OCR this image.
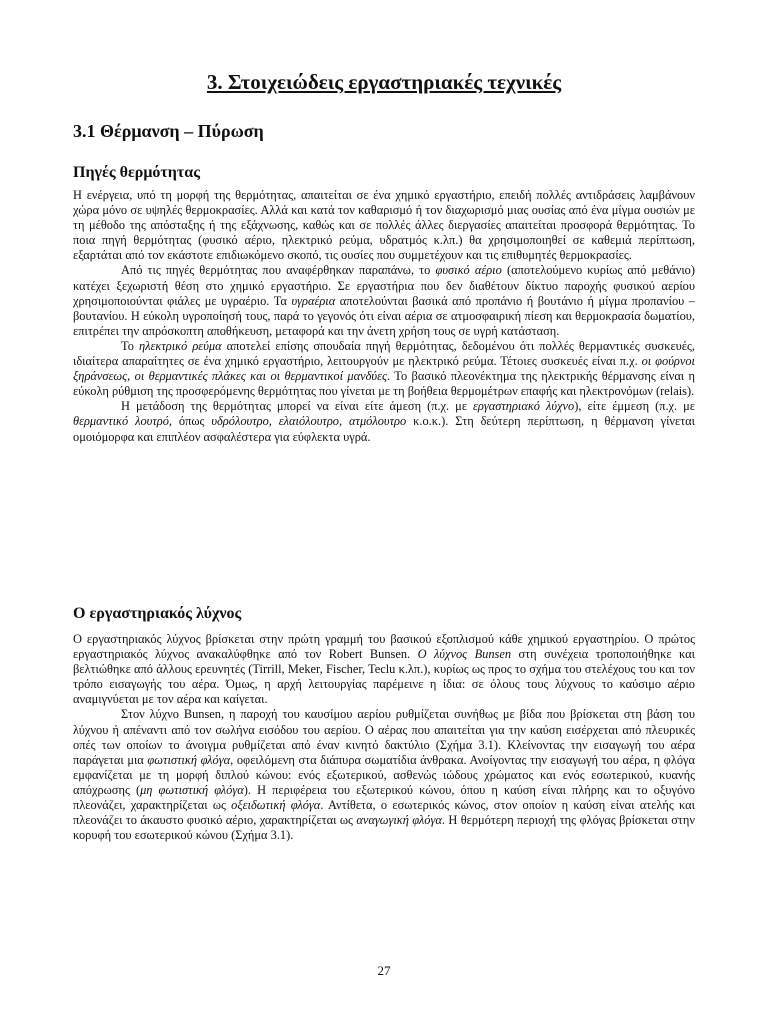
3. Στοιχειώδεις εργαστηριακές τεχνικές
3.1 Θέρμανση – Πύρωση
Πηγές θερμότητας

Η ενέργεια, υπό τη μορφή της θερμότητας, απαιτείται σε ένα χημικό εργαστήριο, επειδή πολλές αντιδράσεις λαμβάνουν χώρα μόνο σε υψηλές θερμοκρασίες. Αλλά και κατά τον καθαρισμό ή τον διαχωρισμό μιας ουσίας από ένα μίγμα ουσιών με τη μέθοδο της απόσταξης ή της εξάχνωσης, καθώς και σε πολλές άλλες διεργασίες απαιτείται προσφορά θερμότητας. Το ποια πηγή θερμότητας (φυσικό αέριο, ηλεκτρικό ρεύμα, υδρατμός κ.λπ.) θα χρησιμοποιηθεί σε καθεμιά περίπτωση, εξαρτάται από τον εκάστοτε επιδιωκόμενο σκοπό, τις ουσίες που συμμετέχουν και τις επιθυμητές θερμοκρασίες.

Από τις πηγές θερμότητας που αναφέρθηκαν παραπάνω, το φυσικό αέριο (αποτελούμενο κυρίως από μεθάνιο) κατέχει ξεχωριστή θέση στο χημικό εργαστήριο. Σε εργαστήρια που δεν διαθέτουν δίκτυο παροχής φυσικού αερίου χρησιμοποιούνται φιάλες με υγραέριο. Τα υγραέρια αποτελούνται βασικά από προπάνιο ή βουτάνιο ή μίγμα προπανίου – βουτανίου. Η εύκολη υγροποίησή τους, παρά το γεγονός ότι είναι αέρια σε ατμοσφαιρική πίεση και θερμοκρασία δωματίου, επιτρέπει την απρόσκοπτη αποθήκευση, μεταφορά και την άνετη χρήση τους σε υγρή κατάσταση.

Το ηλεκτρικό ρεύμα αποτελεί επίσης σπουδαία πηγή θερμότητας, δεδομένου ότι πολλές θερμαντικές συσκευές, ιδιαίτερα απαραίτητες σε ένα χημικό εργαστήριο, λειτουργούν με ηλεκτρικό ρεύμα. Τέτοιες συσκευές είναι π.χ. οι φούρνοι ξηράνσεως, οι θερμαντικές πλάκες και οι θερμαντικοί μανδύες. Το βασικό πλεονέκτημα της ηλεκτρικής θέρμανσης είναι η εύκολη ρύθμιση της προσφερόμενης θερμότητας που γίνεται με τη βοήθεια θερμομέτρων επαφής και ηλεκτρονόμων (relais).

Η μετάδοση της θερμότητας μπορεί να είναι είτε άμεση (π.χ. με εργαστηριακό λύχνο), είτε έμμεση (π.χ. με θερμαντικό λουτρό, όπως υδρόλουτρο, ελαιόλουτρο, ατμόλουτρο κ.ο.κ.). Στη δεύτερη περίπτωση, η θέρμανση γίνεται ομοιόμορφα και επιπλέον ασφαλέστερα για εύφλεκτα υγρά.

Ο εργαστηριακός λύχνος

Ο εργαστηριακός λύχνος βρίσκεται στην πρώτη γραμμή του βασικού εξοπλισμού κάθε χημικού εργαστηρίου. Ο πρώτος εργαστηριακός λύχνος ανακαλύφθηκε από τον Robert Bunsen. Ο λύχνος Bunsen στη συνέχεια τροποποιήθηκε και βελτιώθηκε από άλλους ερευνητές (Tirrill, Meker, Fischer, Teclu κ.λπ.), κυρίως ως προς το σχήμα του στελέχους του και τον τρόπο εισαγωγής του αέρα. Όμως, η αρχή λειτουργίας παρέμεινε η ίδια: σε όλους τους λύχνους το καύσιμο αέριο αναμιγνύεται με τον αέρα και καίγεται.

Στον λύχνο Bunsen, η παροχή του καυσίμου αερίου ρυθμίζεται συνήθως με βίδα που βρίσκεται στη βάση του λύχνου ή απέναντι από τον σωλήνα εισόδου του αερίου. Ο αέρας που απαιτείται για την καύση εισέρχεται από πλευρικές οπές των οποίων το άνοιγμα ρυθμίζεται από έναν κινητό δακτύλιο (Σχήμα 3.1). Κλείνοντας την εισαγωγή του αέρα παράγεται μια φωτιστική φλόγα, οφειλόμενη στα διάπυρα σωματίδια άνθρακα. Ανοίγοντας την εισαγωγή του αέρα, η φλόγα εμφανίζεται με τη μορφή διπλού κώνου: ενός εξωτερικού, ασθενώς ιώδους χρώματος και ενός εσωτερικού, κυανής απόχρωσης (μη φωτιστική φλόγα). Η περιφέρεια του εξωτερικού κώνου, όπου η καύση είναι πλήρης και το οξυγόνο πλεονάζει, χαρακτηρίζεται ως οξειδωτική φλόγα. Αντίθετα, ο εσωτερικός κώνος, στον οποίον η καύση είναι ατελής και πλεονάζει το άκαυστο φυσικό αέριο, χαρακτηρίζεται ως αναγωγική φλόγα. Η θερμότερη περιοχή της φλόγας βρίσκεται στην κορυφή του εσωτερικού κώνου (Σχήμα 3.1).

27
